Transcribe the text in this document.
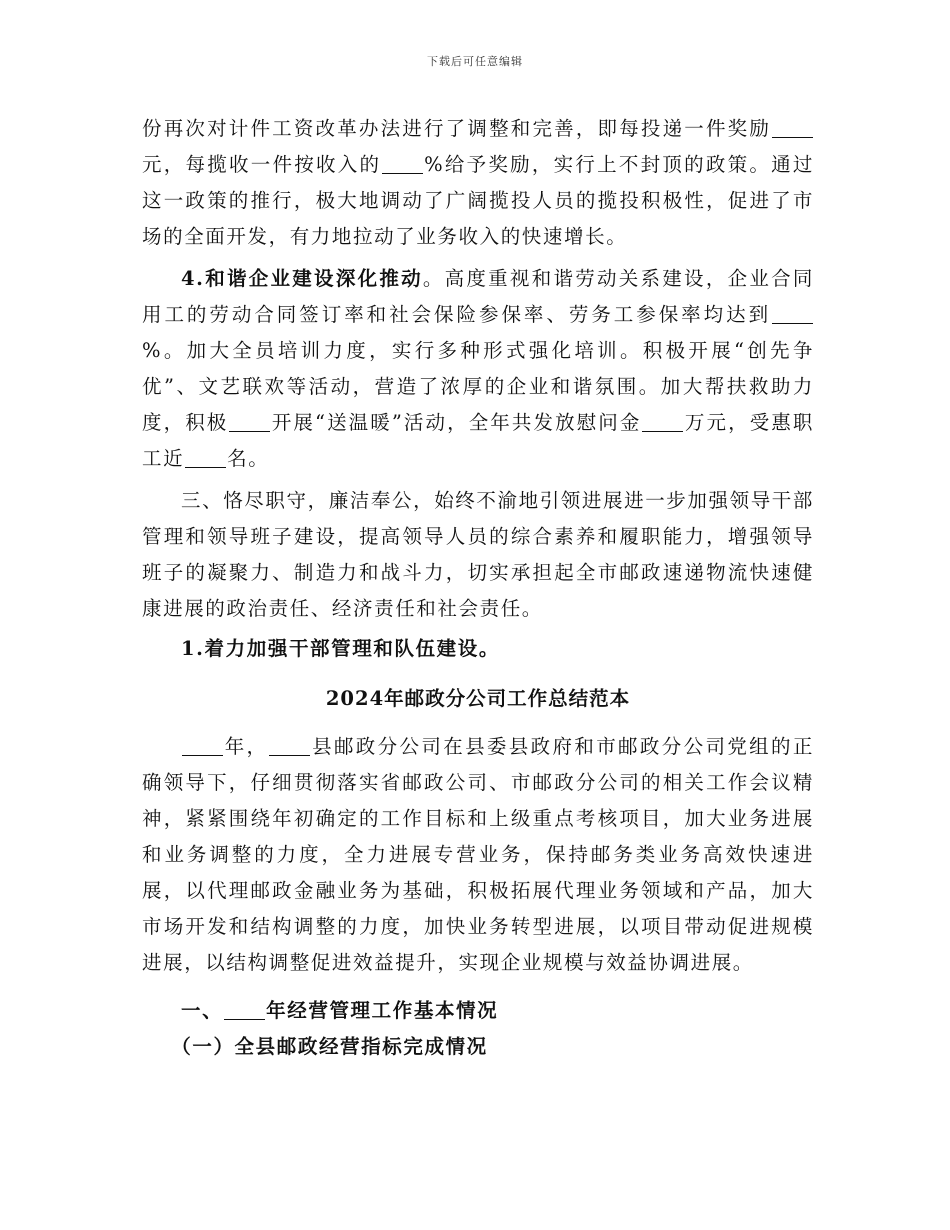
下载后可任意编辑

份再次对计件工资改革办法进行了调整和完善，即每投递一件奖励元，每揽收一件按收入的 %给予奖励，实行上不封顶的政策。通过这一政策的推行，极大地调动了广阔揽投人员的揽投积极性，促进了市场的全面开发，有力地拉动了业务收入的快速增长。

4.和谐企业建设深化推动。高度重视和谐劳动关系建设，企业合同用工的劳动合同签订率和社会保险参保率、劳务工参保率均达到%。加大全员培训力度，实行多种形式强化培训。积极开展“创先争优”、文艺联欢等活动，营造了浓厚的企业和谐氛围。加大帮扶救助力度，积极 开展“送温暖”活动，全年共发放慰问金 万元，受惠职工近 名。

三、恪尽职守，廉洁奉公，始终不渝地引领进展进一步加强领导干部管理和领导班子建设，提高领导人员的综合素养和履职能力，增强领导班子的凝聚力、制造力和战斗力，切实承担起全市邮政速递物流快速健康进展的政治责任、经济责任和社会责任。

1.着力加强干部管理和队伍建设。

2024年邮政分公司工作总结范本

年， 县邮政分公司在县委县政府和市邮政分公司党组的正确领导下，仔细贯彻落实省邮政公司、市邮政分公司的相关工作会议精神，紧紧围绕年初确定的工作目标和上级重点考核项目，加大业务进展和业务调整的力度，全力进展专营业务，保持邮务类业务高效快速进展，以代理邮政金融业务为基础，积极拓展代理业务领域和产品，加大市场开发和结构调整的力度，加快业务转型进展，以项目带动促进规模进展，以结构调整促进效益提升，实现企业规模与效益协调进展。

一、 年经营管理工作基本情况

（一）全县邮政经营指标完成情况
